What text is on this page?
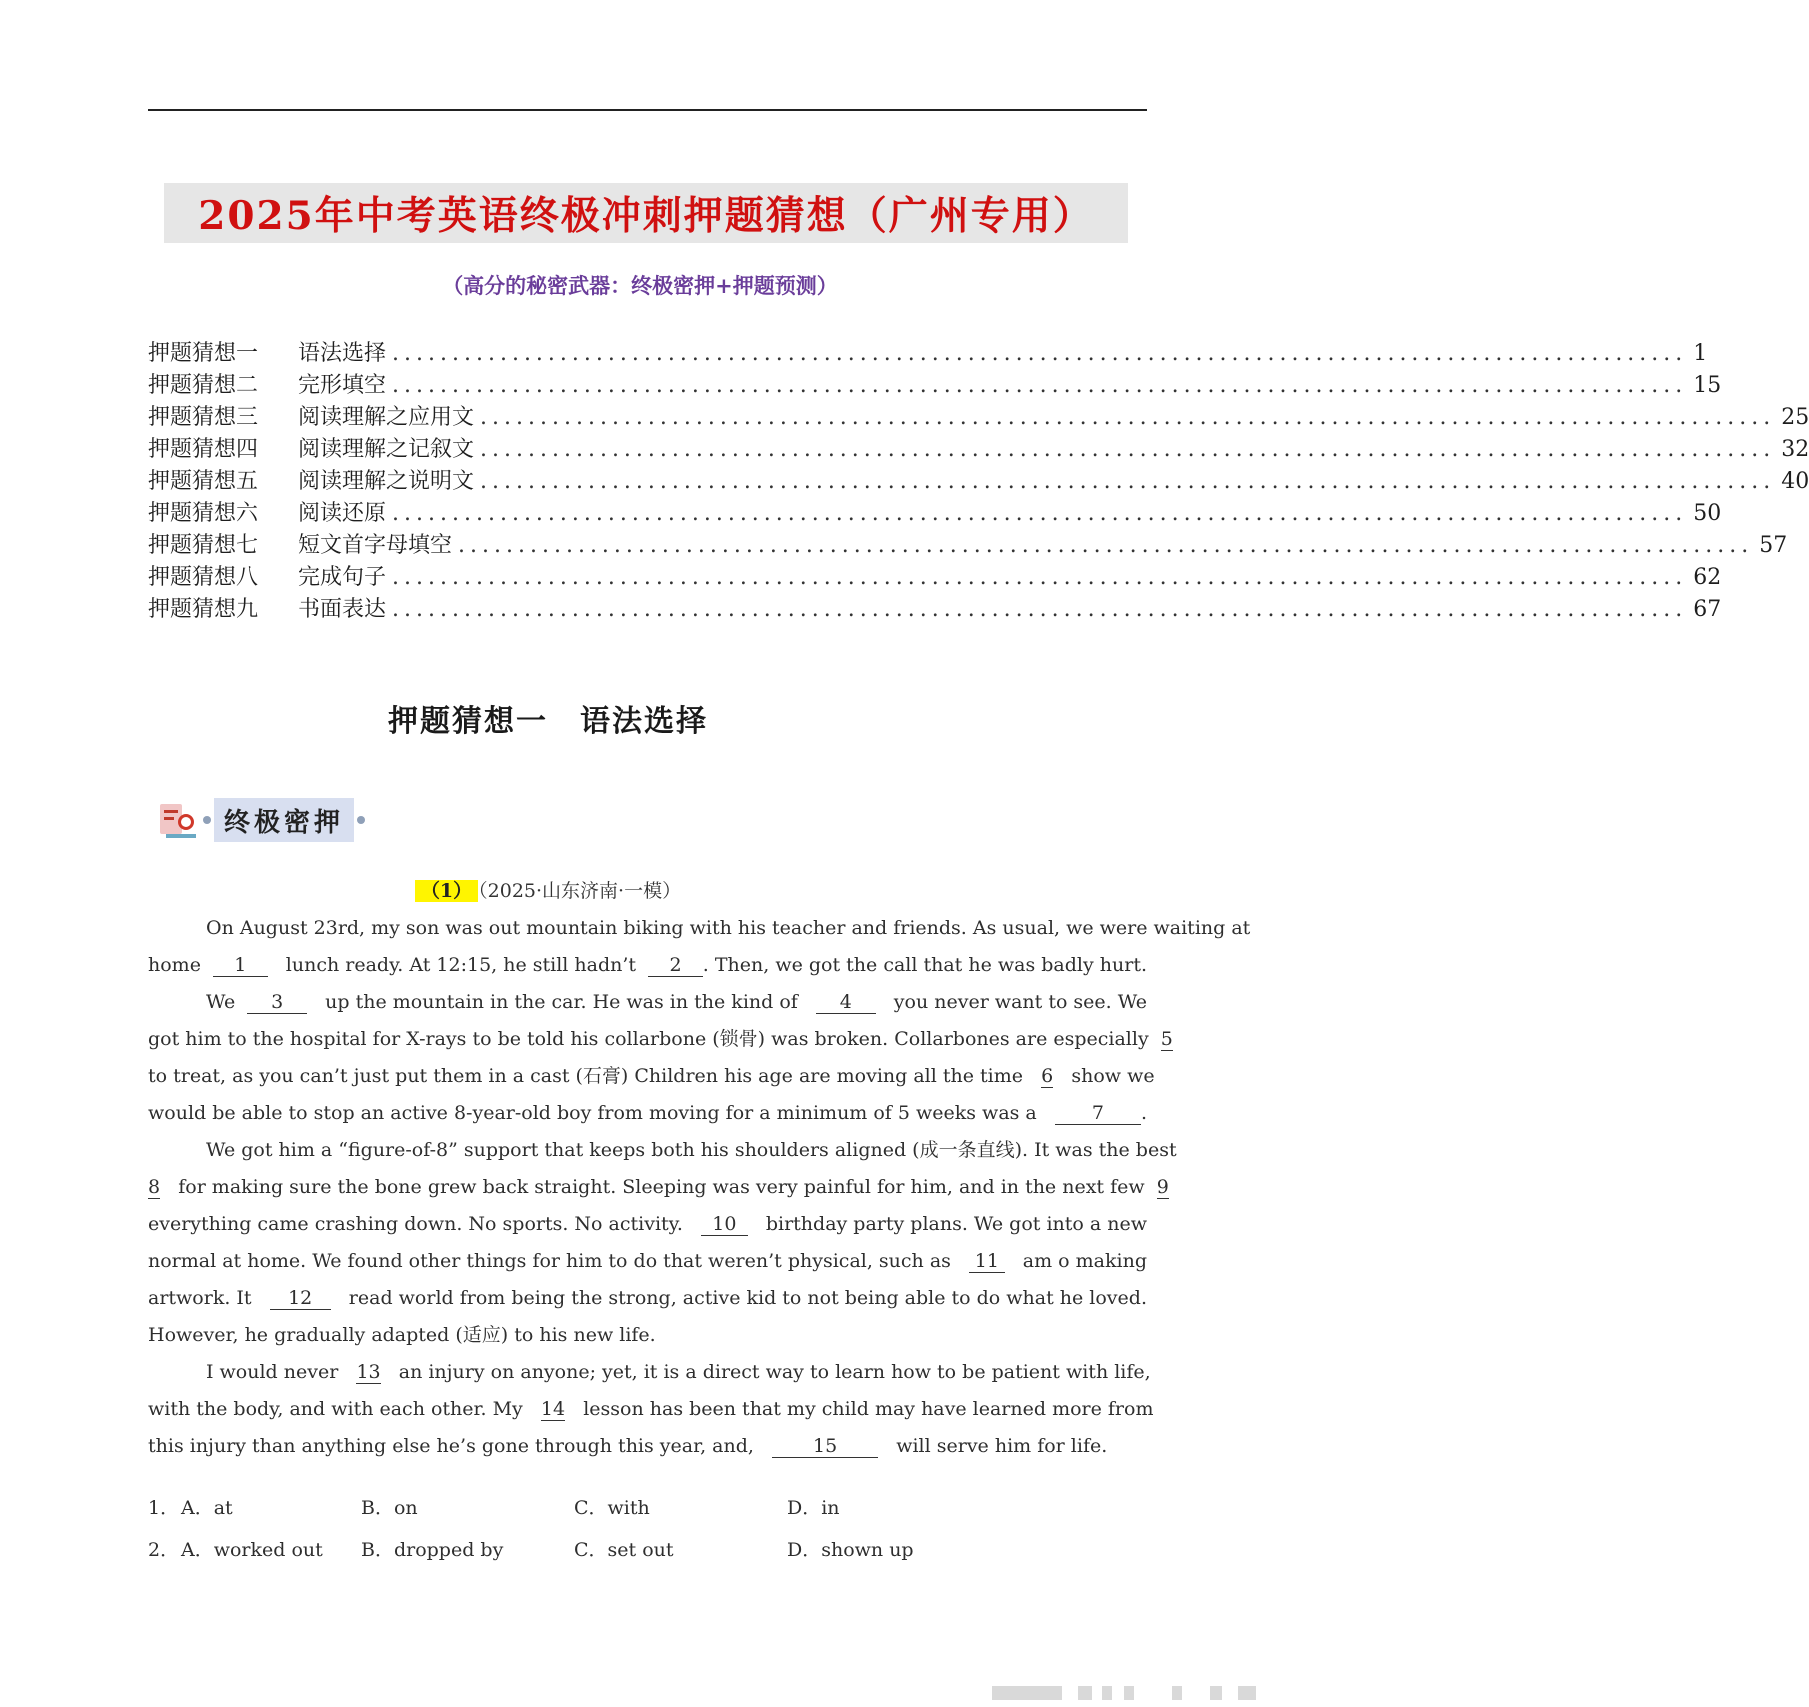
2025年中考英语终极冲刺押题猜想（广州专用）
（高分的秘密武器：终极密押+押题预测）
押题猜想一	语法选择 ............................................................................................................ 1
押题猜想二	完形填空 ............................................................................................................ 15
押题猜想三	阅读理解之应用文 ............................................................................................................ 25
押题猜想四	阅读理解之记叙文 ............................................................................................................ 32
押题猜想五	阅读理解之说明文 ............................................................................................................ 40
押题猜想六	阅读还原 ............................................................................................................ 50
押题猜想七	短文首字母填空 ............................................................................................................ 57
押题猜想八	完成句子 ............................................................................................................ 62
押题猜想九	书面表达 ............................................................................................................ 67
押题猜想一　语法选择
终极密押
（1） （2025·山东济南·一模）
On August 23rd, my son was out mountain biking with his teacher and friends. As usual, we were waiting at
home
	1
	lunch ready. At 12:15, he still hadn’t
	2	. Then, we got the call that he was badly hurt.
We
	3
	up the mountain in the car. He was in the kind of
	4
	you never want to see. We
got him to the hospital for X-rays to be told his collarbone (锁骨) was broken. Collarbones are especially
5
to treat, as you can’t just put them in a cast (石膏) Children his age are moving all the time
6
show we
would be able to stop an active 8-year-old boy from moving for a minimum of 5 weeks was a
	7	.
We got him a “figure-of-8” support that keeps both his shoulders aligned (成一条直线). It was the best
8
for making sure the bone grew back straight. Sleeping was very painful for him, and in the next few
9
everything came crashing down. No sports. No activity.
	10
	birthday party plans. We got into a new
normal at home. We found other things for him to do that weren’t physical, such as
	11
	am o making
artwork. It
	12
	read world from being the strong, active kid to not being able to do what he loved.
However, he gradually adapted (适应) to his new life.
I would never
13
an injury on anyone; yet, it is a direct way to learn how to be patient with life,
with the body, and with each other. My
14
lesson has been that my child may have learned more from
this injury than anything else he’s gone through this year, and,
	15
	will serve him for life.
1． A．at	B．on	C．with	D．in
2． A．worked out	B．dropped by	C．set out	D．shown up
